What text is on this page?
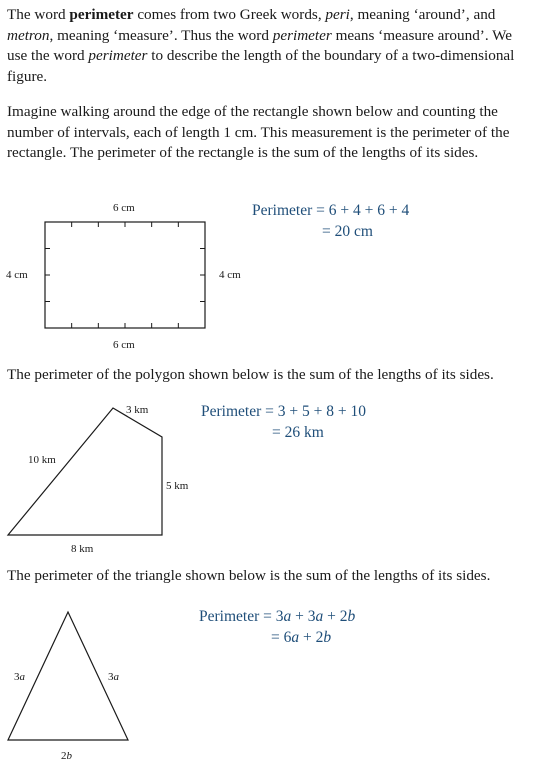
The word perimeter comes from two Greek words, peri, meaning ‘around’, and metron, meaning ‘measure’. Thus the word perimeter means ‘measure around’. We use the word perimeter to describe the length of the boundary of a two-dimensional figure.

Imagine walking around the edge of the rectangle shown below and counting the number of intervals, each of length 1 cm. This measurement is the perimeter of the rectangle. The perimeter of the rectangle is the sum of the lengths of its sides.

6 cm
6 cm
4 cm	4 cm
Perimeter = 6 + 4 + 6 + 4
= 20 cm

The perimeter of the polygon shown below is the sum of the lengths of its sides.

3 km
10 km
5 km
8 km
Perimeter = 3 + 5 + 8 + 10
= 26 km

The perimeter of the triangle shown below is the sum of the lengths of its sides.

3a	3a
2b
Perimeter = 3a + 3a + 2b
= 6a + 2b
